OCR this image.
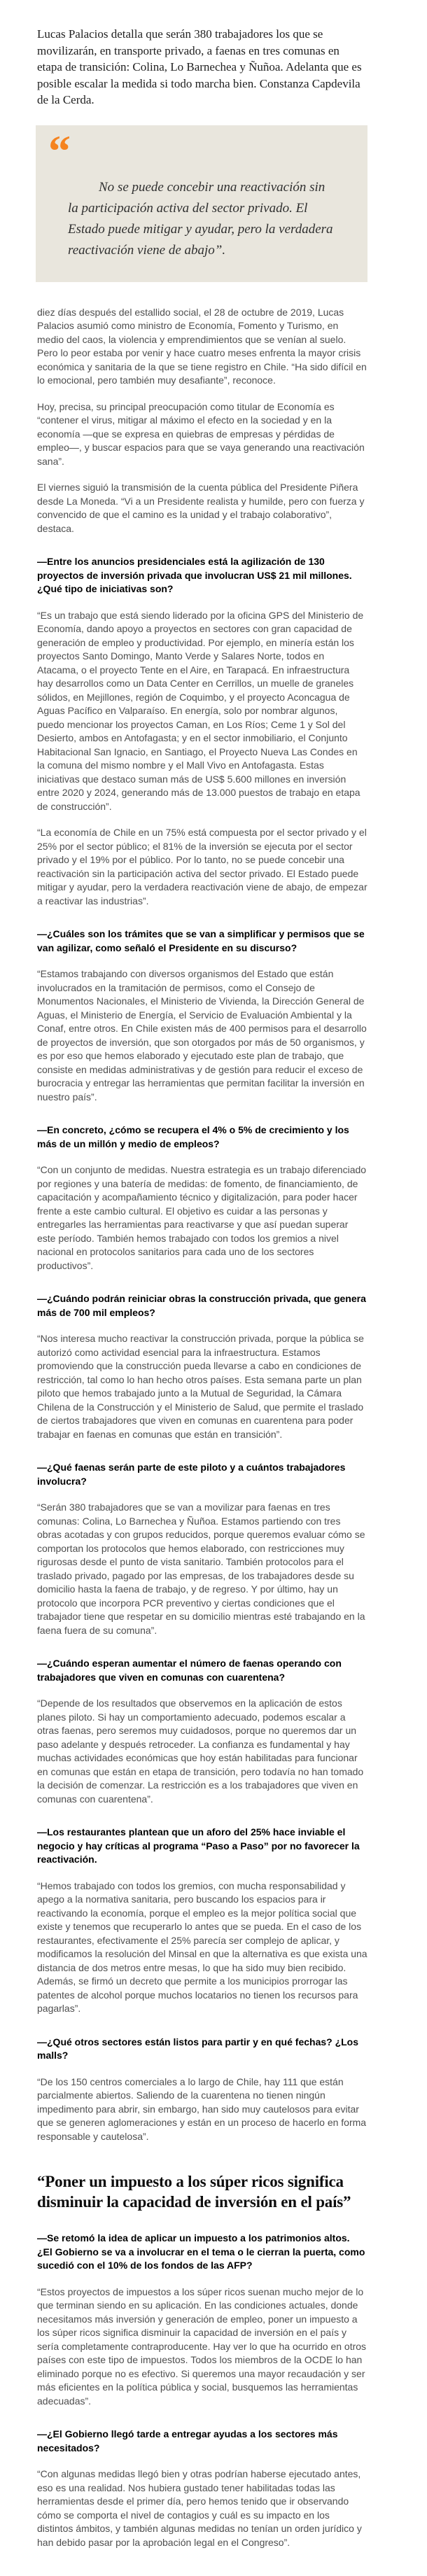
Lucas Palacios detalla que serán 380 trabajadores los que se movilizarán, en transporte privado, a faenas en tres comunas en etapa de transición: Colina, Lo Barnechea y Ñuñoa. Adelanta que es posible escalar la medida si todo marcha bien. Constanza Capdevila de la Cerda.

“
No se puede concebir una reactivación sin la participación activa del sector privado. El Estado puede mitigar y ayudar, pero la verdadera reactivación viene de abajo”.

diez días después del estallido social, el 28 de octubre de 2019, Lucas Palacios asumió como ministro de Economía, Fomento y Turismo, en medio del caos, la violencia y emprendimientos que se venían al suelo. Pero lo peor estaba por venir y hace cuatro meses enfrenta la mayor crisis económica y sanitaria de la que se tiene registro en Chile. “Ha sido difícil en lo emocional, pero también muy desafiante”, reconoce.

Hoy, precisa, su principal preocupación como titular de Economía es “contener el virus, mitigar al máximo el efecto en la sociedad y en la economía —que se expresa en quiebras de empresas y pérdidas de empleo—, y buscar espacios para que se vaya generando una reactivación sana”.

El viernes siguió la transmisión de la cuenta pública del Presidente Piñera desde La Moneda. “Vi a un Presidente realista y humilde, pero con fuerza y convencido de que el camino es la unidad y el trabajo colaborativo”, destaca.

—Entre los anuncios presidenciales está la agilización de 130 proyectos de inversión privada que involucran US$ 21 mil millones. ¿Qué tipo de iniciativas son?

“Es un trabajo que está siendo liderado por la oficina GPS del Ministerio de Economía, dando apoyo a proyectos en sectores con gran capacidad de generación de empleo y productividad. Por ejemplo, en minería están los proyectos Santo Domingo, Manto Verde y Salares Norte, todos en Atacama, o el proyecto Tente en el Aire, en Tarapacá. En infraestructura hay desarrollos como un Data Center en Cerrillos, un muelle de graneles sólidos, en Mejillones, región de Coquimbo, y el proyecto Aconcagua de Aguas Pacífico en Valparaíso. En energía, solo por nombrar algunos, puedo mencionar los proyectos Caman, en Los Ríos; Ceme 1 y Sol del Desierto, ambos en Antofagasta; y en el sector inmobiliario, el Conjunto Habitacional San Ignacio, en Santiago, el Proyecto Nueva Las Condes en la comuna del mismo nombre y el Mall Vivo en Antofagasta. Estas iniciativas que destaco suman más de US$ 5.600 millones en inversión entre 2020 y 2024, generando más de 13.000 puestos de trabajo en etapa de construcción”.

“La economía de Chile en un 75% está compuesta por el sector privado y el 25% por el sector público; el 81% de la inversión se ejecuta por el sector privado y el 19% por el público. Por lo tanto, no se puede concebir una reactivación sin la participación activa del sector privado. El Estado puede mitigar y ayudar, pero la verdadera reactivación viene de abajo, de empezar a reactivar las industrias”.

—¿Cuáles son los trámites que se van a simplificar y permisos que se van agilizar, como señaló el Presidente en su discurso?

“Estamos trabajando con diversos organismos del Estado que están involucrados en la tramitación de permisos, como el Consejo de Monumentos Nacionales, el Ministerio de Vivienda, la Dirección General de Aguas, el Ministerio de Energía, el Servicio de Evaluación Ambiental y la Conaf, entre otros. En Chile existen más de 400 permisos para el desarrollo de proyectos de inversión, que son otorgados por más de 50 organismos, y es por eso que hemos elaborado y ejecutado este plan de trabajo, que consiste en medidas administrativas y de gestión para reducir el exceso de burocracia y entregar las herramientas que permitan facilitar la inversión en nuestro país”.

—En concreto, ¿cómo se recupera el 4% o 5% de crecimiento y los más de un millón y medio de empleos?

“Con un conjunto de medidas. Nuestra estrategia es un trabajo diferenciado por regiones y una batería de medidas: de fomento, de financiamiento, de capacitación y acompañamiento técnico y digitalización, para poder hacer frente a este cambio cultural. El objetivo es cuidar a las personas y entregarles las herramientas para reactivarse y que así puedan superar este período. También hemos trabajado con todos los gremios a nivel nacional en protocolos sanitarios para cada uno de los sectores productivos”.

—¿Cuándo podrán reiniciar obras la construcción privada, que genera más de 700 mil empleos?

“Nos interesa mucho reactivar la construcción privada, porque la pública se autorizó como actividad esencial para la infraestructura. Estamos promoviendo que la construcción pueda llevarse a cabo en condiciones de restricción, tal como lo han hecho otros países. Esta semana parte un plan piloto que hemos trabajado junto a la Mutual de Seguridad, la Cámara Chilena de la Construcción y el Ministerio de Salud, que permite el traslado de ciertos trabajadores que viven en comunas en cuarentena para poder trabajar en faenas en comunas que están en transición”.

—¿Qué faenas serán parte de este piloto y a cuántos trabajadores involucra?

“Serán 380 trabajadores que se van a movilizar para faenas en tres comunas: Colina, Lo Barnechea y Ñuñoa. Estamos partiendo con tres obras acotadas y con grupos reducidos, porque queremos evaluar cómo se comportan los protocolos que hemos elaborado, con restricciones muy rigurosas desde el punto de vista sanitario. También protocolos para el traslado privado, pagado por las empresas, de los trabajadores desde su domicilio hasta la faena de trabajo, y de regreso. Y por último, hay un protocolo que incorpora PCR preventivo y ciertas condiciones que el trabajador tiene que respetar en su domicilio mientras esté trabajando en la faena fuera de su comuna”.

—¿Cuándo esperan aumentar el número de faenas operando con trabajadores que viven en comunas con cuarentena?

“Depende de los resultados que observemos en la aplicación de estos planes piloto. Si hay un comportamiento adecuado, podemos escalar a otras faenas, pero seremos muy cuidadosos, porque no queremos dar un paso adelante y después retroceder. La confianza es fundamental y hay muchas actividades económicas que hoy están habilitadas para funcionar en comunas que están en etapa de transición, pero todavía no han tomado la decisión de comenzar. La restricción es a los trabajadores que viven en comunas con cuarentena”.

—Los restaurantes plantean que un aforo del 25% hace inviable el negocio y hay críticas al programa “Paso a Paso” por no favorecer la reactivación.

“Hemos trabajado con todos los gremios, con mucha responsabilidad y apego a la normativa sanitaria, pero buscando los espacios para ir reactivando la economía, porque el empleo es la mejor política social que existe y tenemos que recuperarlo lo antes que se pueda. En el caso de los restaurantes, efectivamente el 25% parecía ser complejo de aplicar, y modificamos la resolución del Minsal en que la alternativa es que exista una distancia de dos metros entre mesas, lo que ha sido muy bien recibido. Además, se firmó un decreto que permite a los municipios prorrogar las patentes de alcohol porque muchos locatarios no tienen los recursos para pagarlas”.

—¿Qué otros sectores están listos para partir y en qué fechas? ¿Los malls?

“De los 150 centros comerciales a lo largo de Chile, hay 111 que están parcialmente abiertos. Saliendo de la cuarentena no tienen ningún impedimento para abrir, sin embargo, han sido muy cautelosos para evitar que se generen aglomeraciones y están en un proceso de hacerlo en forma responsable y cautelosa”.

“Poner un impuesto a los súper ricos significa disminuir la capacidad de inversión en el país”

—Se retomó la idea de aplicar un impuesto a los patrimonios altos. ¿El Gobierno se va a involucrar en el tema o le cierran la puerta, como sucedió con el 10% de los fondos de las AFP?

“Estos proyectos de impuestos a los súper ricos suenan mucho mejor de lo que terminan siendo en su aplicación. En las condiciones actuales, donde necesitamos más inversión y generación de empleo, poner un impuesto a los súper ricos significa disminuir la capacidad de inversión en el país y sería completamente contraproducente. Hay ver lo que ha ocurrido en otros países con este tipo de impuestos. Todos los miembros de la OCDE lo han eliminado porque no es efectivo. Si queremos una mayor recaudación y ser más eficientes en la política pública y social, busquemos las herramientas adecuadas”.

—¿El Gobierno llegó tarde a entregar ayudas a los sectores más necesitados?

“Con algunas medidas llegó bien y otras podrían haberse ejecutado antes, eso es una realidad. Nos hubiera gustado tener habilitadas todas las herramientas desde el primer día, pero hemos tenido que ir observando cómo se comporta el nivel de contagios y cuál es su impacto en los distintos ámbitos, y también algunas medidas no tenían un orden jurídico y han debido pasar por la aprobación legal en el Congreso”.
